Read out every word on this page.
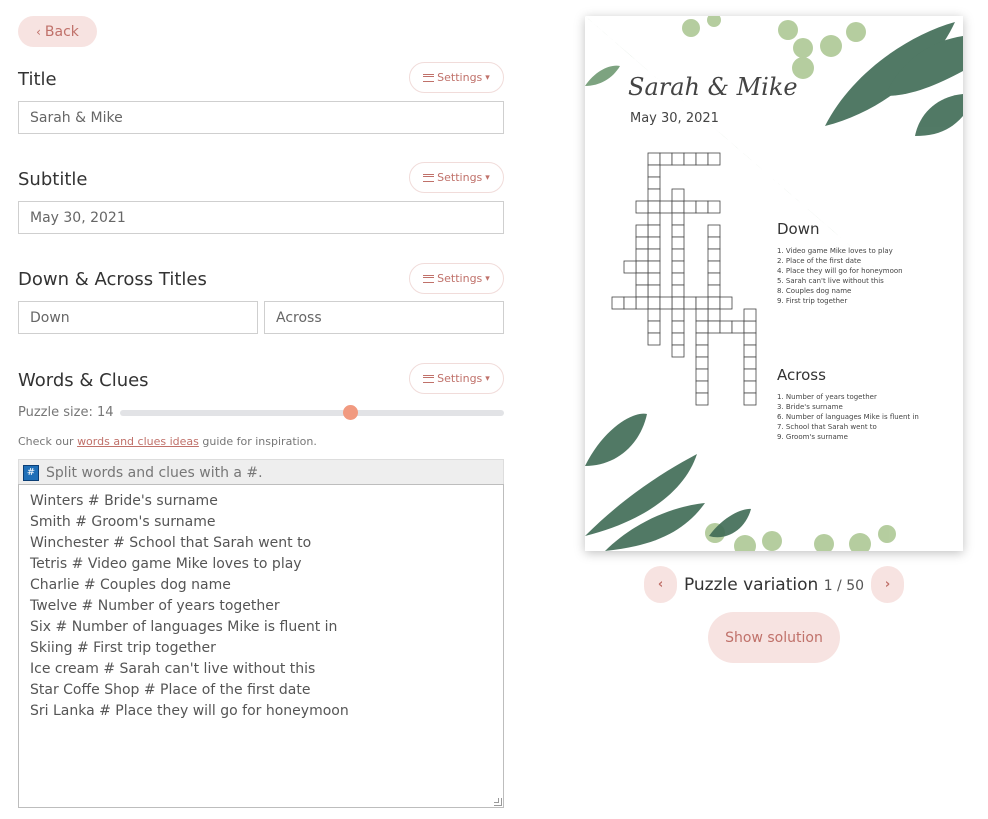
‹ Back
Title	Settings ▾
Sarah & Mike
Subtitle	Settings ▾
May 30, 2021
Down & Across Titles	Settings ▾
Down	Across
Words & Clues	Settings ▾
Puzzle size: 14
Check our words and clues ideas guide for inspiration.
# Split words and clues with a #.
Winters # Bride's surname
Smith # Groom's surname
Winchester # School that Sarah went to
Tetris # Video game Mike loves to play
Charlie # Couples dog name
Twelve # Number of years together
Six # Number of languages Mike is fluent in
Skiing # First trip together
Ice cream # Sarah can't live without this
Star Coffe Shop # Place of the first date
Sri Lanka # Place they will go for honeymoon
Sarah & Mike
May 30, 2021
Down
1. Video game Mike loves to play
2. Place of the first date
4. Place they will go for honeymoon
5. Sarah can't live without this
8. Couples dog name
9. First trip together
Across
1. Number of years together
3. Bride's surname
6. Number of languages Mike is fluent in
7. School that Sarah went to
9. Groom's surname
‹ Puzzle variation 1 / 50 ›
Show solution
